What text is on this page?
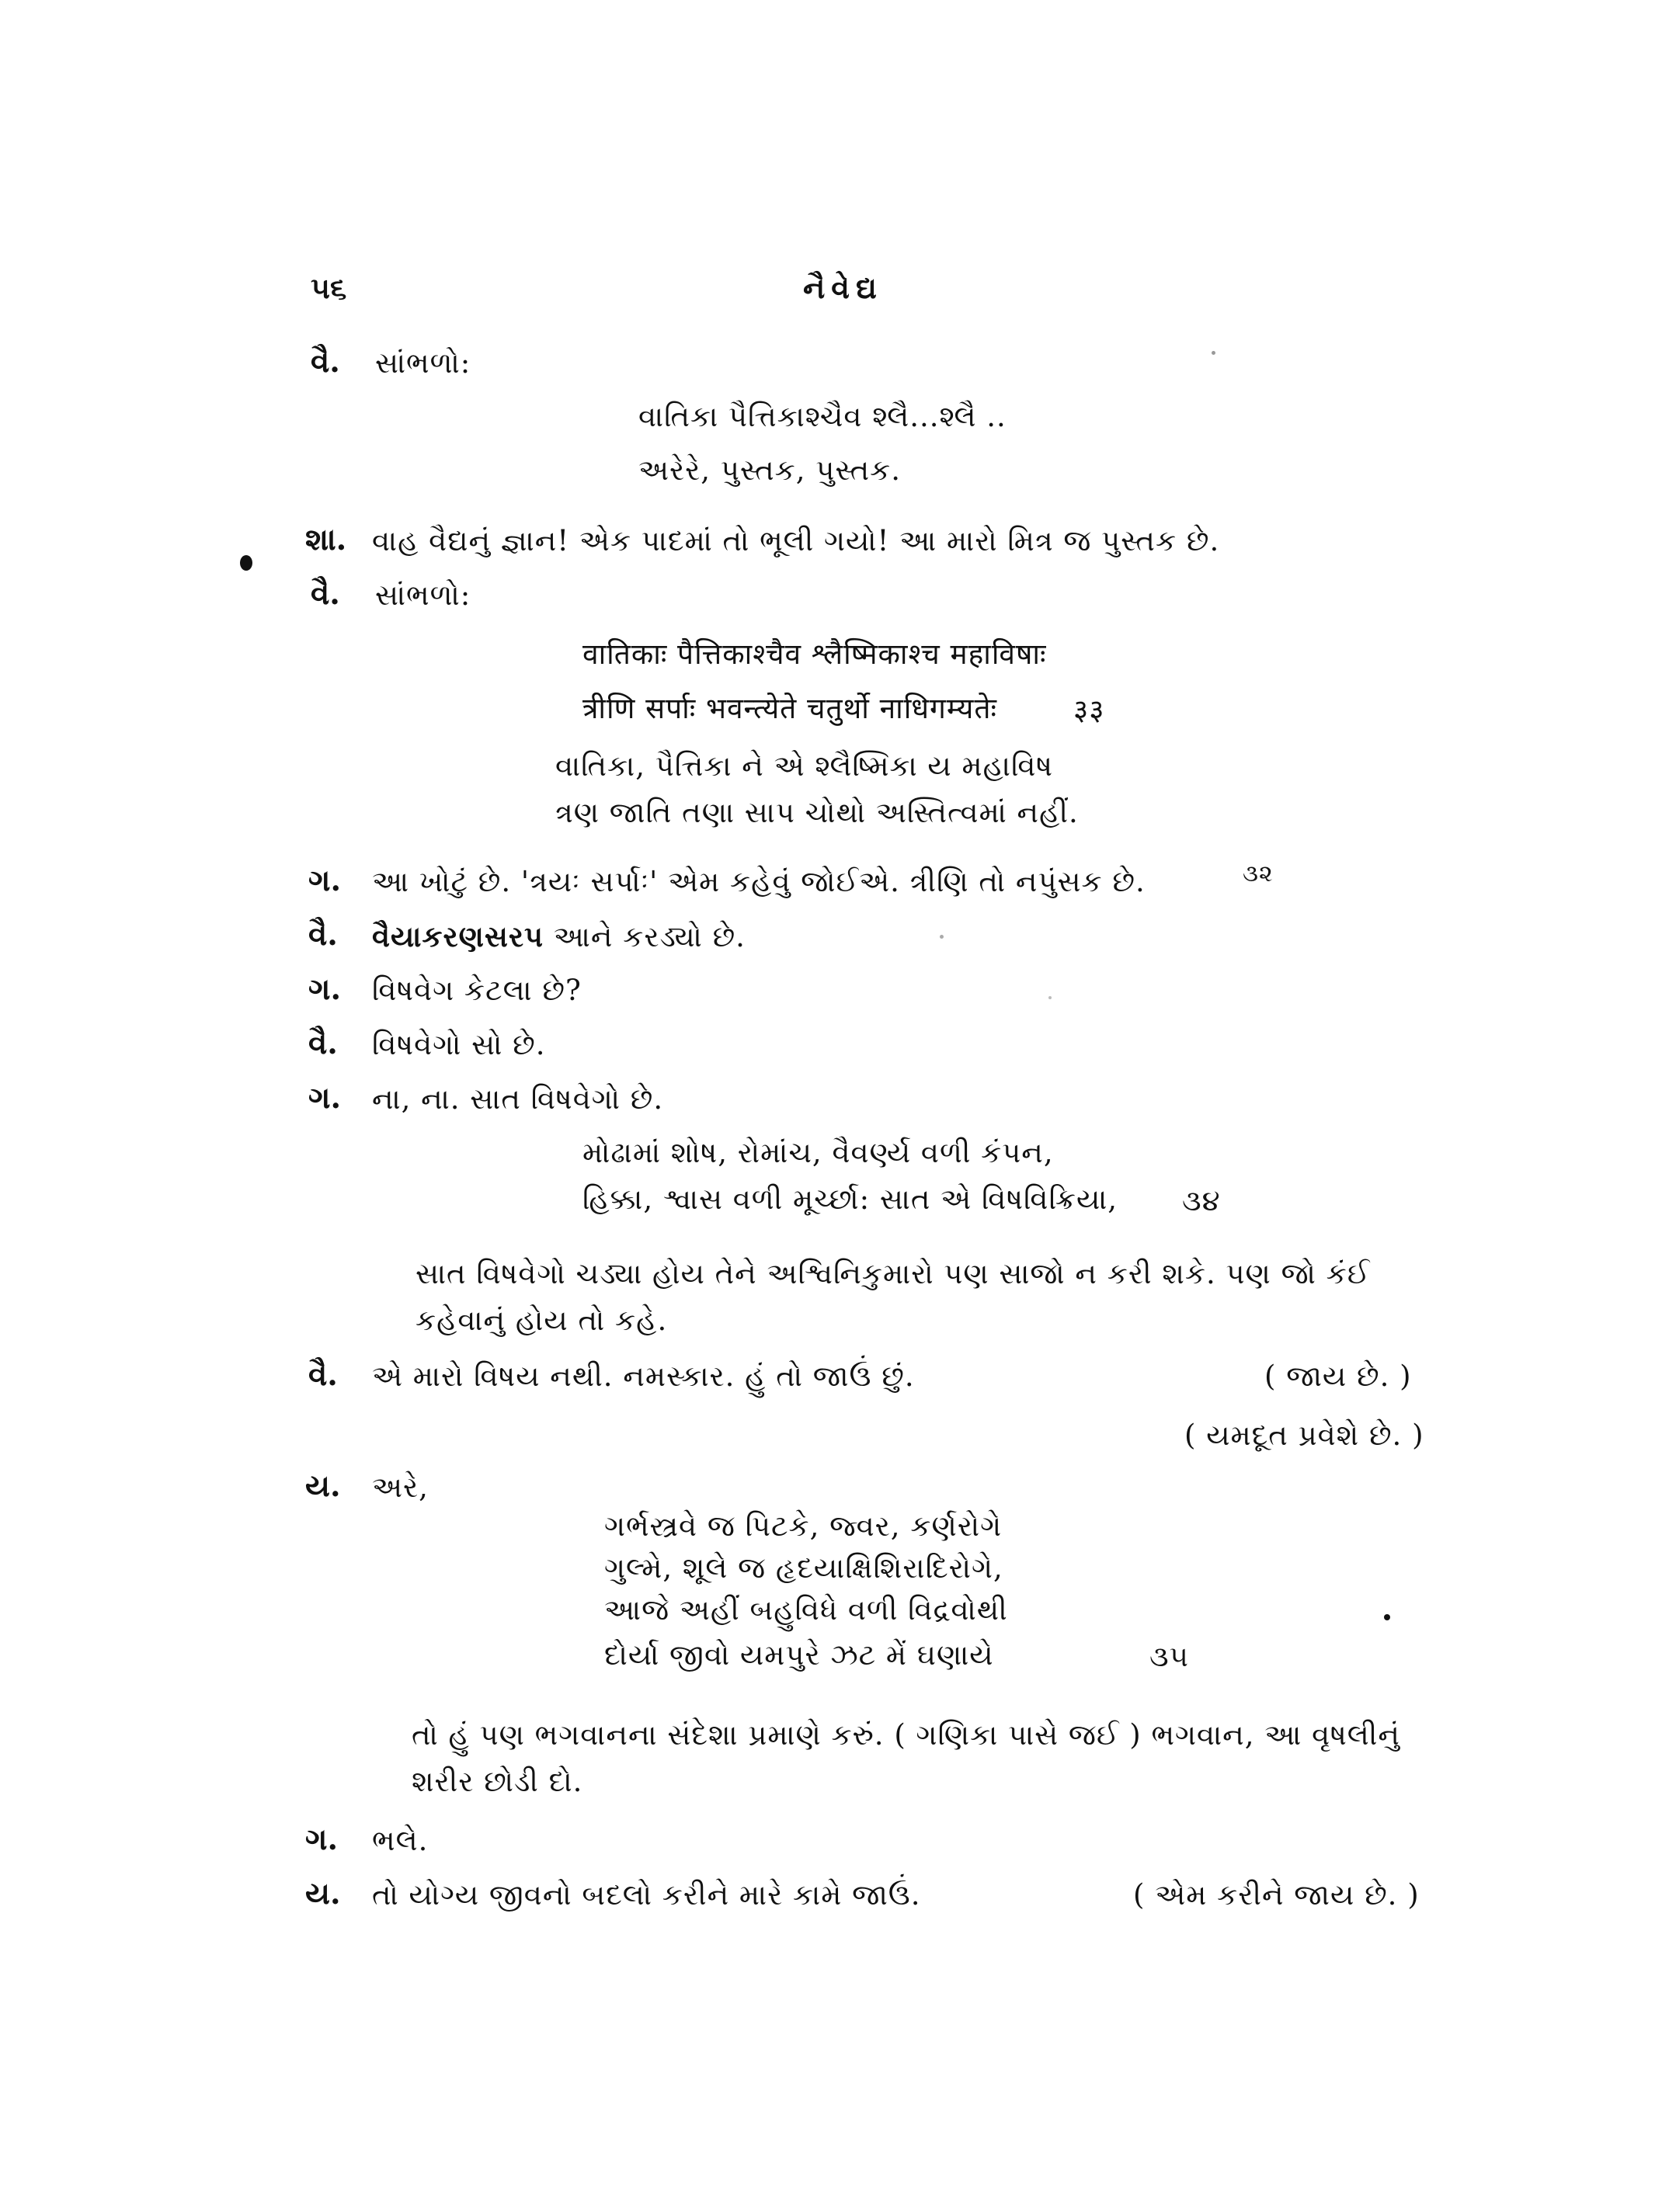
૫૬	નૈવેદ્ય
વૈ. સાંભળો:
વાતિકા પૈત્તિકાશ્ચૈવ શ્લૈ...શ્લૈ ..
અરેરે, પુસ્તક, પુસ્તક.
શા. વાહ વૈદ્યનું જ્ઞાન! એક પાદમાં તો ભૂલી ગયો! આ મારો મિત્ર જ પુસ્તક છે.
વૈ. સાંભળો:
वातिकाः पैत्तिकाश्चैव श्लैष्मिकाश्च महाविषाः
त्रीणि सर्पाः भवन्त्येते चतुर्थो नाधिगम्यतेः	३३
વાતિકા, પૈત્તિકા ને એ શ્લૈષ્મિકા ય મહાવિષ
ત્રણ જાતિ તણા સાપ ચોથો અસ્તિત્વમાં નહીં.
ગ. આ ખોટું છે. 'ત્રયઃ સર્પાઃ' એમ કહેવું જોઈએ. ત્રીણિ તો નપુંસક છે.	૩૨
વૈ. વૈયાકરણસરપ આને કરડ્યો છે.
ગ. વિષવેગ કેટલા છે?
વૈ. વિષવેગો સો છે.
ગ. ના, ના. સાત વિષવેગો છે.
મોઢામાં શોષ, રોમાંચ, વૈવર્ણ્ય વળી કંપન,
હિક્કા, શ્વાસ વળી મૂર્ચ્છા: સાત એ વિષવિક્રિયા, ૩૪
સાત વિષવેગો ચડ્યા હોય તેને અશ્વિનિકુમારો પણ સાજો ન કરી શકે. પણ જો કંઈ
કહેવાનું હોય તો કહે.
વૈ. એ મારો વિષય નથી. નમસ્કાર. હું તો જાઉં છું.	( જાય છે. )
( યમદૂત પ્રવેશે છે. )
ય. અરે,
ગર્ભસ્ત્રવે જ પિટકે, જ્વર, કર્ણરોગે
ગુલ્મે, શૂલે જ હૃદયાક્ષિશિરાદિરોગે,
આજે અહીં બહુવિધે વળી વિદ્રવોથી
દોર્યા જીવો યમપુરે ઝટ મેં ઘણાયે	૩૫
તો હું પણ ભગવાનના સંદેશા પ્રમાણે કરું. ( ગણિકા પાસે જઈ ) ભગવાન, આ વૃષલીનું
શરીર છોડી દો.
ગ. ભલે.
ય. તો યોગ્ય જીવનો બદલો કરીને મારે કામે જાઉં.	( એમ કરીને જાય છે. )
